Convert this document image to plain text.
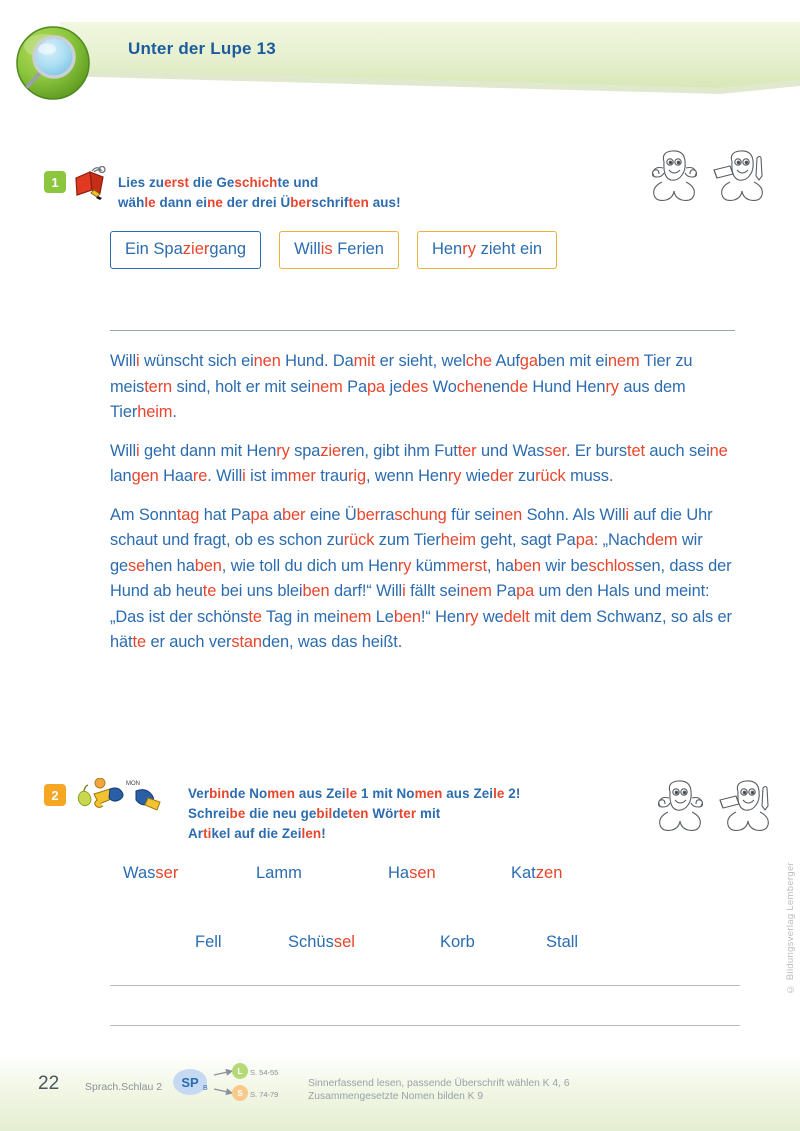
Unter der Lupe 13
1	Lies zuerst die Geschichte und
wähle dann eine der drei Überschriften aus!
Ein Spaziergang	Willis Ferien	Henry zieht ein

Willi wünscht sich einen Hund. Damit er sieht, welche Aufgaben mit einem Tier zu meistern sind, holt er mit seinem Papa jedes Wochenende Hund Henry aus dem Tierheim.

Willi geht dann mit Henry spazieren, gibt ihm Futter und Wasser. Er burstet auch seine langen Haare. Willi ist immer traurig, wenn Henry wieder zurück muss.

Am Sonntag hat Papa aber eine Überraschung für seinen Sohn. Als Willi auf die Uhr schaut und fragt, ob es schon zurück zum Tierheim geht, sagt Papa: „Nachdem wir gesehen haben, wie toll du dich um Henry kümmerst, haben wir beschlossen, dass der Hund ab heute bei uns bleiben darf!“ Willi fällt seinem Papa um den Hals und meint: „Das ist der schönste Tag in meinem Leben!“ Henry wedelt mit dem Schwanz, so als er hätte er auch verstanden, was das heißt.

2
MON
Verbinde Nomen aus Zeile 1 mit Nomen aus Zeile 2!
Schreibe die neu gebildeten Wörter mit
Artikel auf die Zeilen!
Wasser	Lamm	Hasen	Katzen
Fell	Schüssel	Korb	Stall	© Bildungsverlag Lemberger
22 Sprach.Schlau 2 SP B
L
S
S. 54-55
S. 74-79
Sinnerfassend lesen, passende Überschrift wählen K 4, 6
Zusammengesetzte Nomen bilden K 9
